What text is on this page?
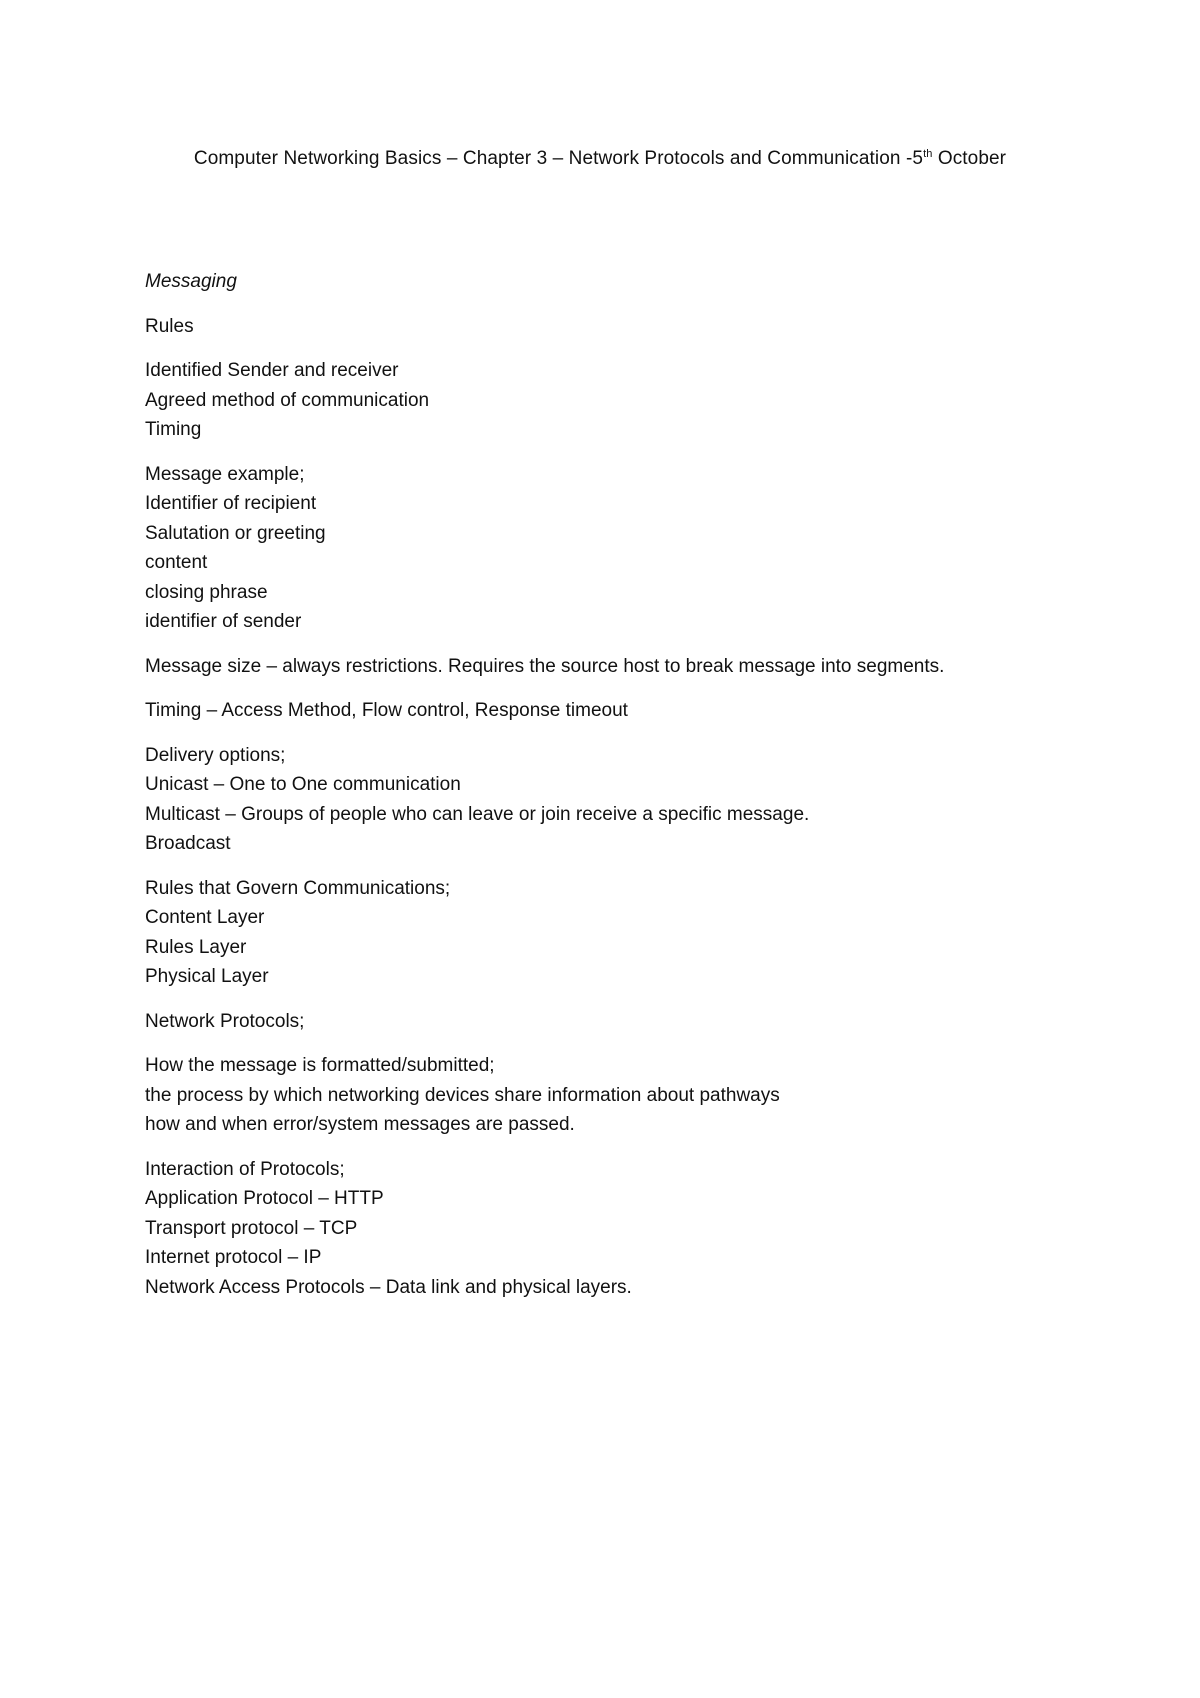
Computer Networking Basics – Chapter 3 – Network Protocols and Communication -5th October
Messaging
Rules
Identified Sender and receiver
Agreed method of communication
Timing
Message example;
Identifier of recipient
Salutation or greeting
content
closing phrase
identifier of sender
Message size – always restrictions. Requires the source host to break message into segments.
Timing – Access Method, Flow control, Response timeout
Delivery options;
Unicast – One to One communication
Multicast – Groups of people who can leave or join receive a specific message.
Broadcast
Rules that Govern Communications;
Content Layer
Rules Layer
Physical Layer
Network Protocols;
How the message is formatted/submitted;
the process by which networking devices share information about pathways
how and when error/system messages are passed.
Interaction of Protocols;
Application Protocol – HTTP
Transport protocol – TCP
Internet protocol – IP
Network Access Protocols – Data link and physical layers.
